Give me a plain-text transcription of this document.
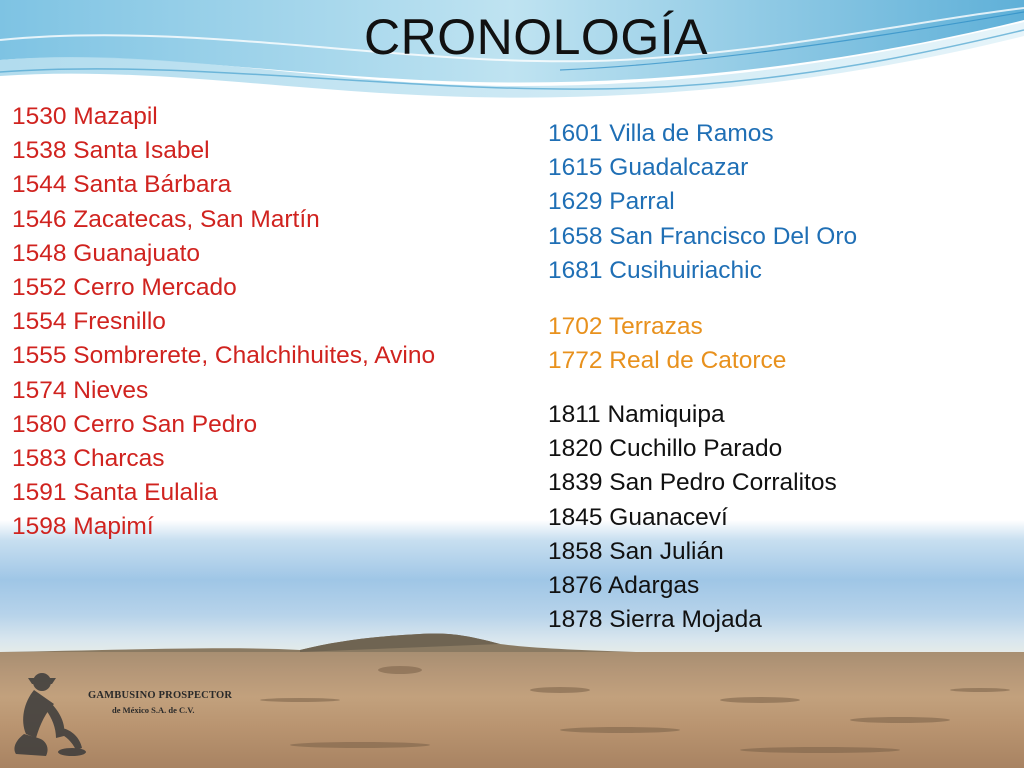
CRONOLOGÍA
1530 Mazapil
1538 Santa Isabel
1544 Santa Bárbara
1546 Zacatecas, San Martín
1548 Guanajuato
1552 Cerro Mercado
1554 Fresnillo
1555 Sombrerete, Chalchihuites, Avino
1574 Nieves
1580 Cerro San Pedro
1583 Charcas
1591 Santa Eulalia
1598 Mapimí
1601 Villa de Ramos
1615 Guadalcazar
1629 Parral
1658 San Francisco Del Oro
1681 Cusihuiriachic
1702 Terrazas
1772 Real de Catorce
1811 Namiquipa
1820 Cuchillo Parado
1839 San Pedro Corralitos
1845 Guanaceví
1858 San Julián
1876 Adargas
1878 Sierra Mojada
GAMBUSINO PROSPECTOR
de México S.A. de C.V.
